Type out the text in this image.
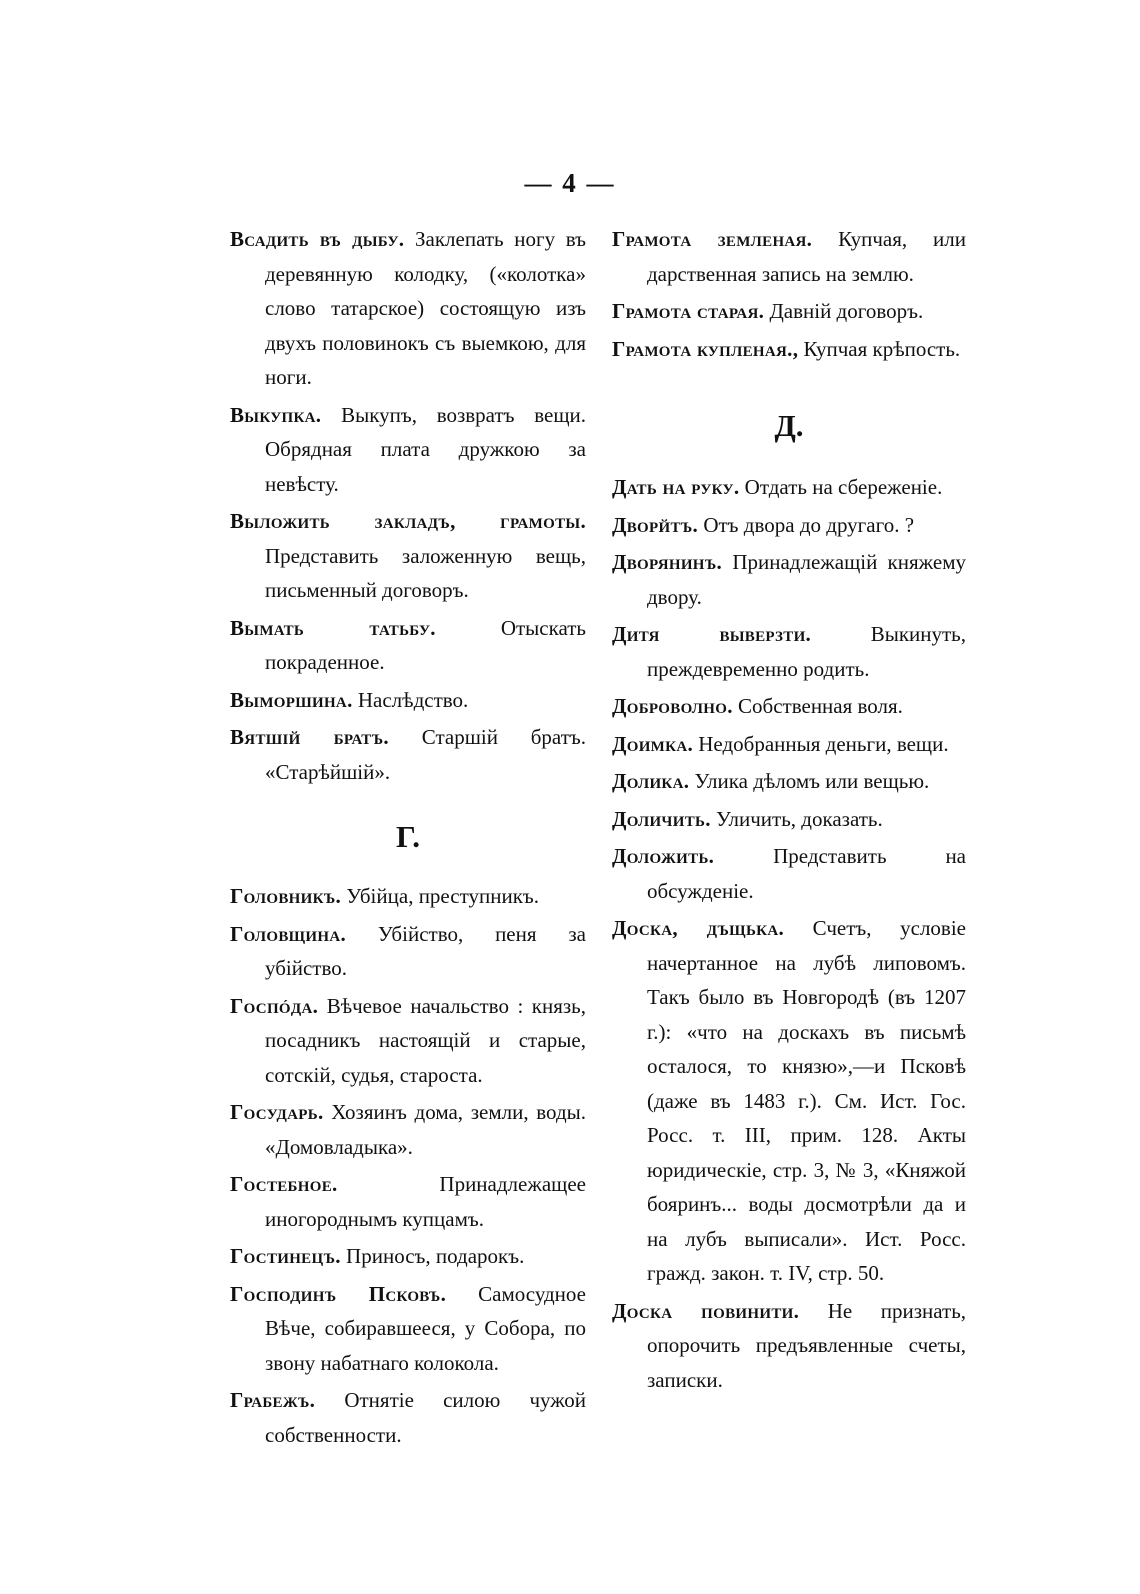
— 4 —
Всадить въ дыбу. Заклепать ногу въ деревянную колодку, («колотка» слово татарское) состоящую изъ двухъ половинокъ съ выемкою, для ноги.
Выкупка. Выкупъ, возвратъ вещи. Обрядная плата дружкою за невѣсту.
Выложить закладъ, грамоты. Представить заложенную вещь, письменный договоръ.
Вымать татьбу.	Отыскать покраденное.
Выморшина. Наслѣдство.
Вятшій братъ. Старшій братъ. «Старѣйшій».
Г.
Головникъ. Убійца, преступникъ.
Головщина. Убійство, пеня за убійство.
Госпóда. Вѣчевое начальство : князь, посадникъ настоящій и старые, сотскій, судья, староста.
Государь. Хозяинъ дома, земли, воды. «Домовладыка».
Гостебное.	Принадлежащее иногороднымъ купцамъ.
Гостинецъ. Приносъ, подарокъ.
Господинъ Псковъ. Самосудное Вѣче, собиравшееся, у Собора, по звону набатнаго колокола.
Грабежъ. Отнятіе силою чужой собственности.
Грамота земленая. Купчая, или дарственная запись на землю.
Грамота старая. Давній договоръ.
Грамота купленая., Купчая крѣпость.
Д.
Дать на руку. Отдать на сбереженіе.
Дворйтъ. Отъ двора до другаго. ?
Дворянинъ. Принадлежащій княжему двору.
Дитя выверзти.	Выкинуть, преждевременно родить.
Доброволно. Собственная воля.
Доимка. Недобранныя деньги, вещи.
Долика. Улика дѣломъ или вещью.
Доличить. Уличить, доказать.
Доложить.	Представить на обсужденіе.
Доска, дъщька. Счетъ, условіе начертанное на лубѣ липовомъ. Такъ было въ Новгородѣ (въ 1207 г.): «что на доскахъ въ письмѣ осталося, то князю»,—и Псковѣ (даже въ 1483 г.). См. Ист. Гос. Росс. т. III, прим. 128. Акты юридическіе, стр. 3, № 3, «Княжой бояринъ... воды досмотрѣли да и на лубъ выписали». Ист. Росс. гражд. закон. т. IV, стр. 50.
Доска повинити. Не признать, опорочить предъявленные счеты, записки.
